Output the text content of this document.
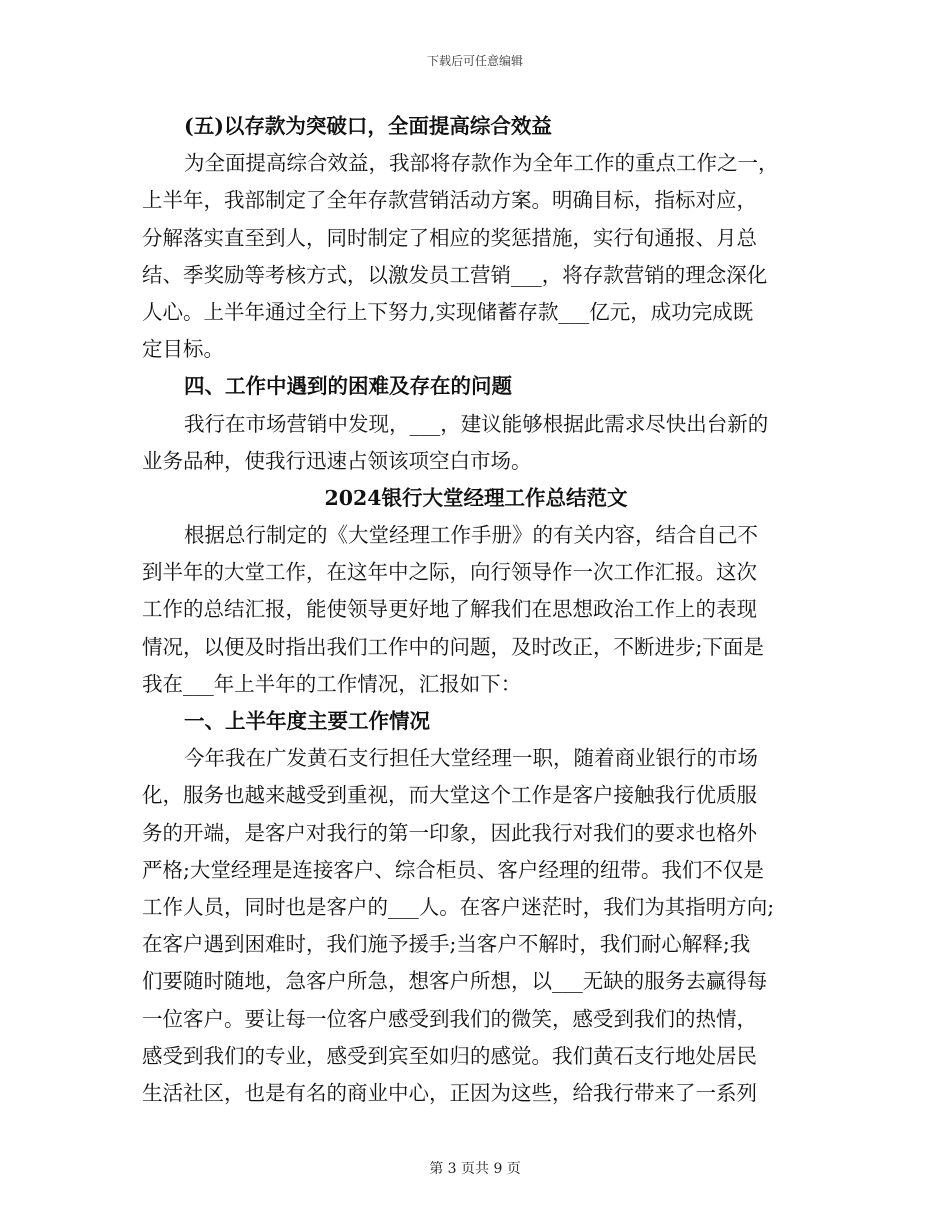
下载后可任意编辑
(五)以存款为突破口，全面提高综合效益
为全面提高综合效益，我部将存款作为全年工作的重点工作之一，
上半年，我部制定了全年存款营销活动方案。明确目标，指标对应，
分解落实直至到人，同时制定了相应的奖惩措施，实行旬通报、月总
结、季奖励等考核方式，以激发员工营销___，将存款营销的理念深化
人心。上半年通过全行上下努力,实现储蓄存款___亿元，成功完成既
定目标。
四、工作中遇到的困难及存在的问题
我行在市场营销中发现，___，建议能够根据此需求尽快出台新的
业务品种，使我行迅速占领该项空白市场。
2024银行大堂经理工作总结范文
根据总行制定的《大堂经理工作手册》的有关内容，结合自己不
到半年的大堂工作，在这年中之际，向行领导作一次工作汇报。这次
工作的总结汇报，能使领导更好地了解我们在思想政治工作上的表现
情况，以便及时指出我们工作中的问题，及时改正，不断进步;下面是
我在___年上半年的工作情况，汇报如下：
一、上半年度主要工作情况
今年我在广发黄石支行担任大堂经理一职，随着商业银行的市场
化，服务也越来越受到重视，而大堂这个工作是客户接触我行优质服
务的开端，是客户对我行的第一印象，因此我行对我们的要求也格外
严格;大堂经理是连接客户、综合柜员、客户经理的纽带。我们不仅是
工作人员，同时也是客户的___人。在客户迷茫时，我们为其指明方向;
在客户遇到困难时，我们施予援手;当客户不解时，我们耐心解释;我
们要随时随地，急客户所急，想客户所想，以___无缺的服务去赢得每
一位客户。要让每一位客户感受到我们的微笑，感受到我们的热情，
感受到我们的专业，感受到宾至如归的感觉。我们黄石支行地处居民
生活社区，也是有名的商业中心，正因为这些，给我行带来了一系列
第 3 页共 9 页
